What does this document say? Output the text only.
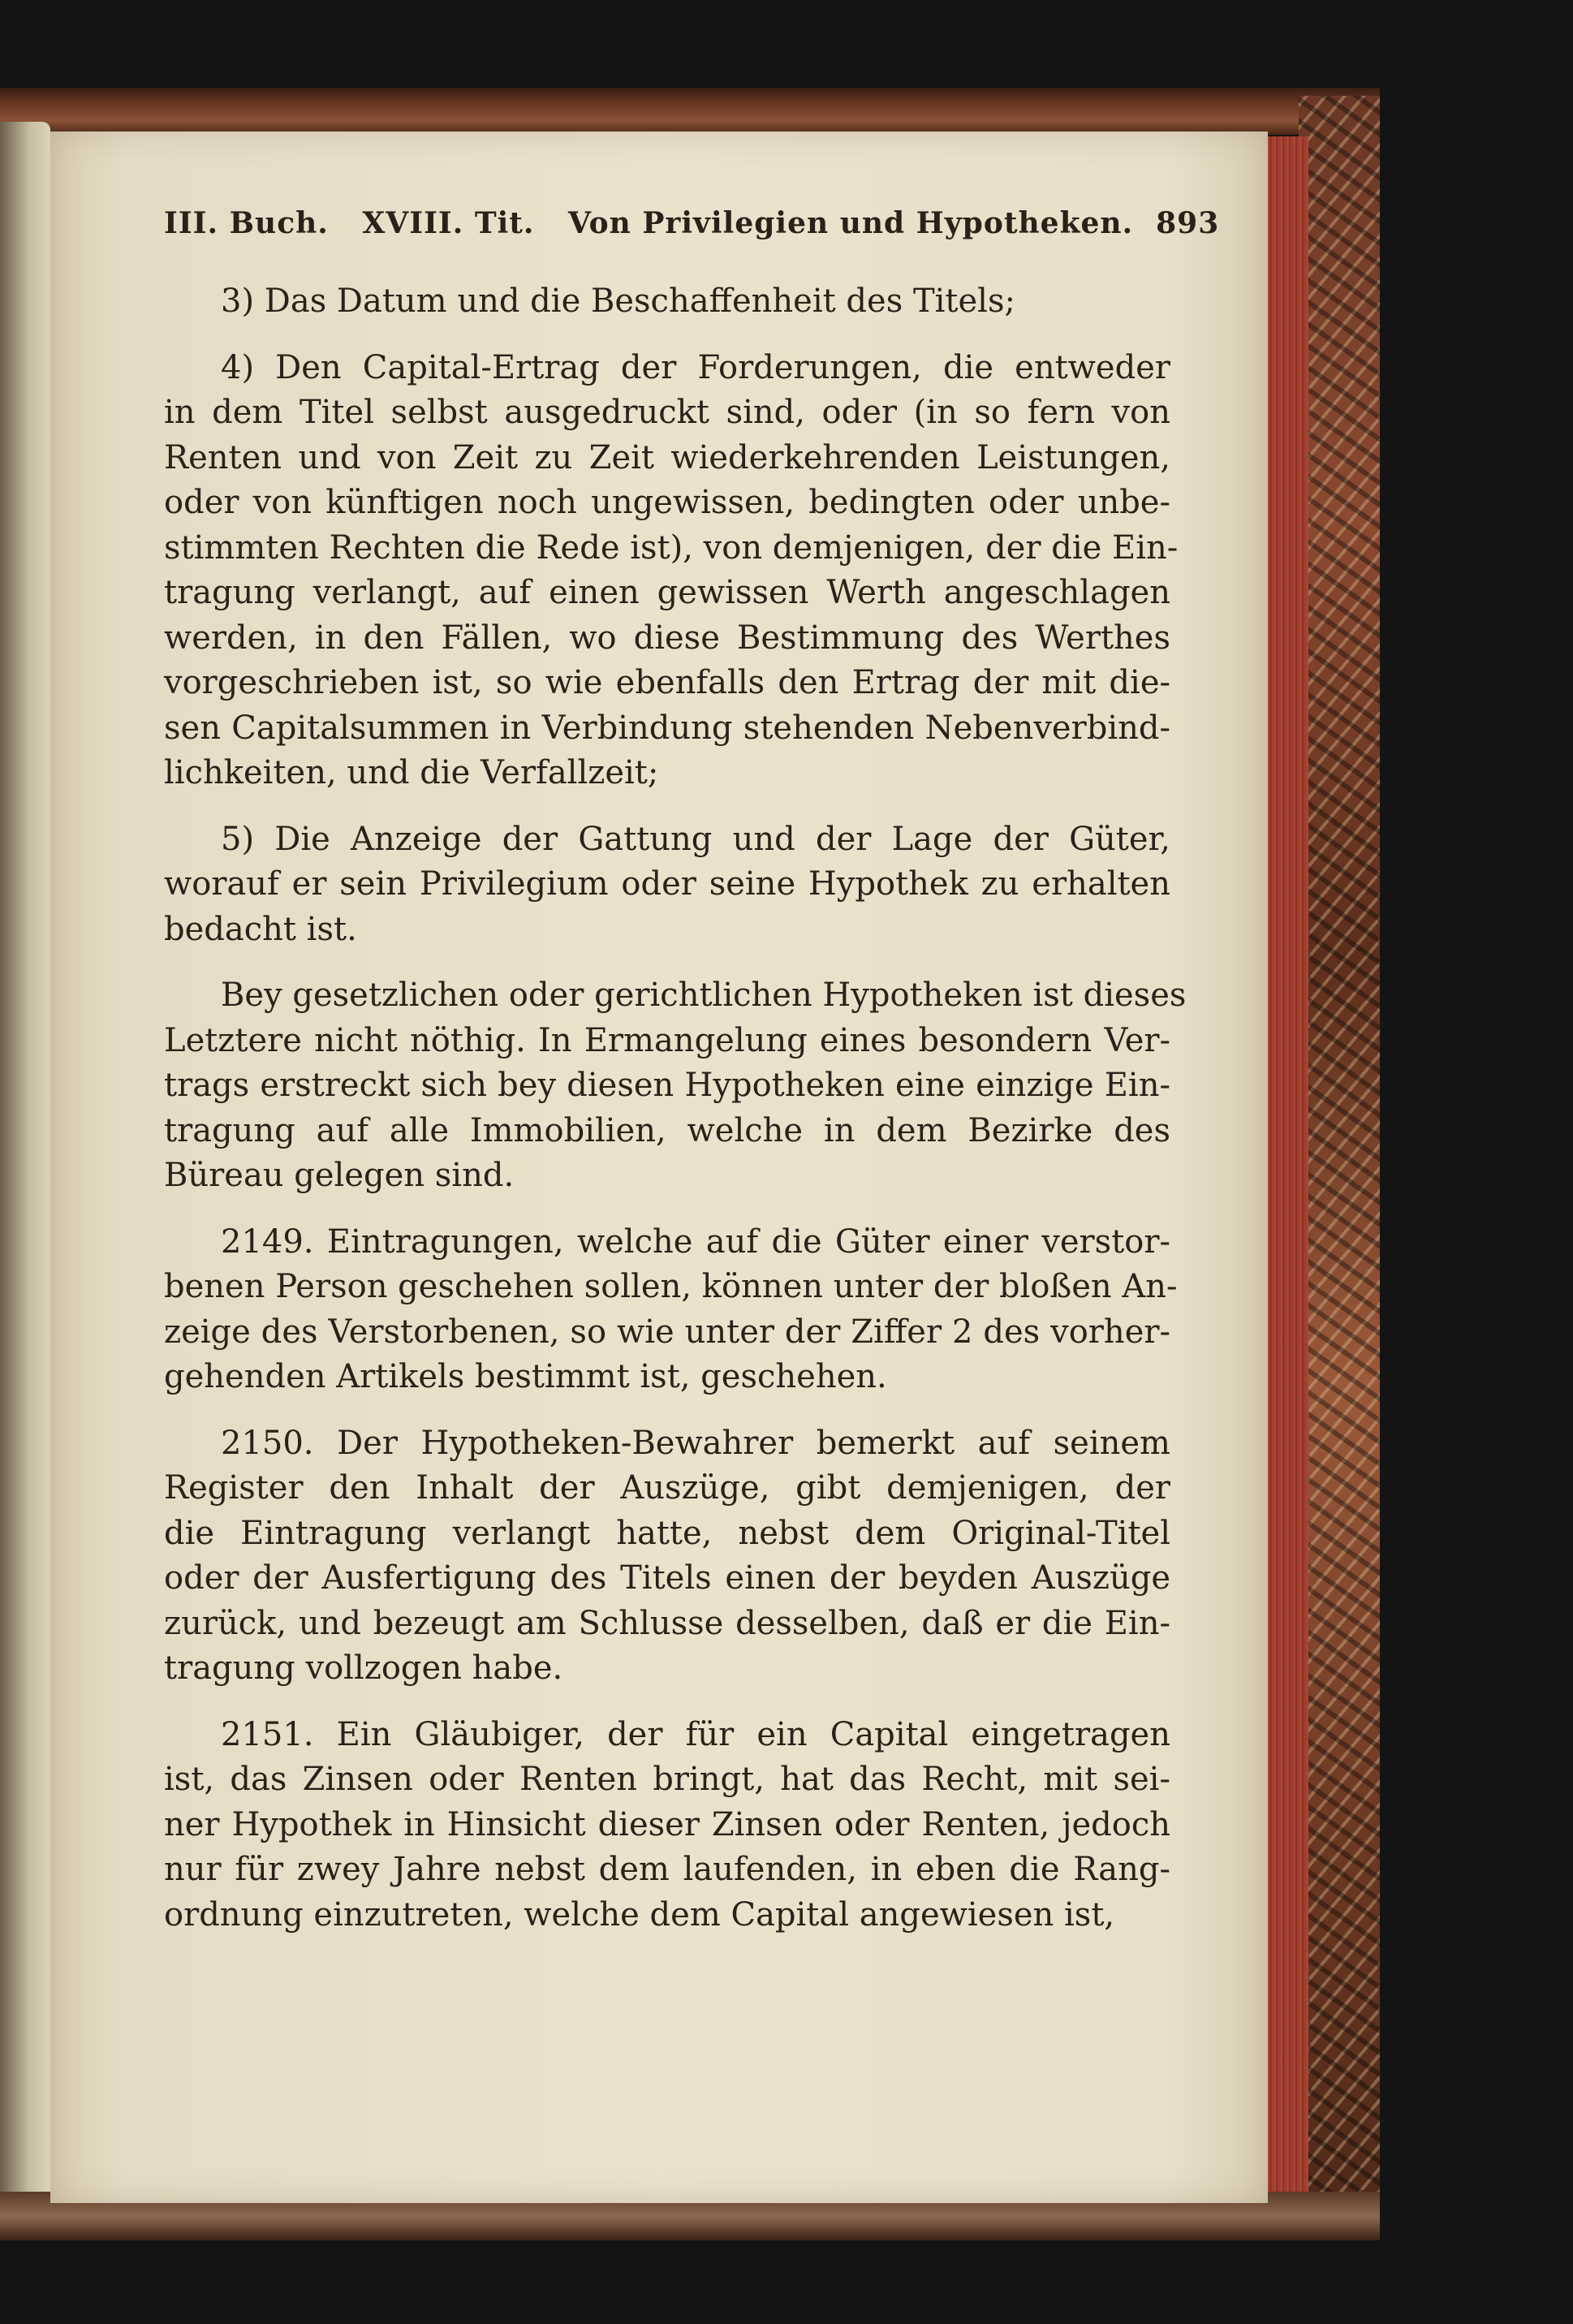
III. Buch. XVIII. Tit. Von Privilegien und Hypotheken. 893
3) Das Datum und die Beschaffenheit des Titels;
4) Den Capital-Ertrag der Forderungen, die entweder
in dem Titel selbst ausgedruckt sind, oder (in so fern von
Renten und von Zeit zu Zeit wiederkehrenden Leistungen,
oder von künftigen noch ungewissen, bedingten oder unbe-
stimmten Rechten die Rede ist), von demjenigen, der die Ein-
tragung verlangt, auf einen gewissen Werth angeschlagen
werden, in den Fällen, wo diese Bestimmung des Werthes
vorgeschrieben ist, so wie ebenfalls den Ertrag der mit die-
sen Capitalsummen in Verbindung stehenden Nebenverbind-
lichkeiten, und die Verfallzeit;
5) Die Anzeige der Gattung und der Lage der Güter,
worauf er sein Privilegium oder seine Hypothek zu erhalten
bedacht ist.
Bey gesetzlichen oder gerichtlichen Hypotheken ist dieses
Letztere nicht nöthig. In Ermangelung eines besondern Ver-
trags erstreckt sich bey diesen Hypotheken eine einzige Ein-
tragung auf alle Immobilien, welche in dem Bezirke des
Büreau gelegen sind.
2149. Eintragungen, welche auf die Güter einer verstor-
benen Person geschehen sollen, können unter der bloßen An-
zeige des Verstorbenen, so wie unter der Ziffer 2 des vorher-
gehenden Artikels bestimmt ist, geschehen.
2150. Der Hypotheken-Bewahrer bemerkt auf seinem
Register den Inhalt der Auszüge, gibt demjenigen, der
die Eintragung verlangt hatte, nebst dem Original-Titel
oder der Ausfertigung des Titels einen der beyden Auszüge
zurück, und bezeugt am Schlusse desselben, daß er die Ein-
tragung vollzogen habe.
2151. Ein Gläubiger, der für ein Capital eingetragen
ist, das Zinsen oder Renten bringt, hat das Recht, mit sei-
ner Hypothek in Hinsicht dieser Zinsen oder Renten, jedoch
nur für zwey Jahre nebst dem laufenden, in eben die Rang-
ordnung einzutreten, welche dem Capital angewiesen ist,
